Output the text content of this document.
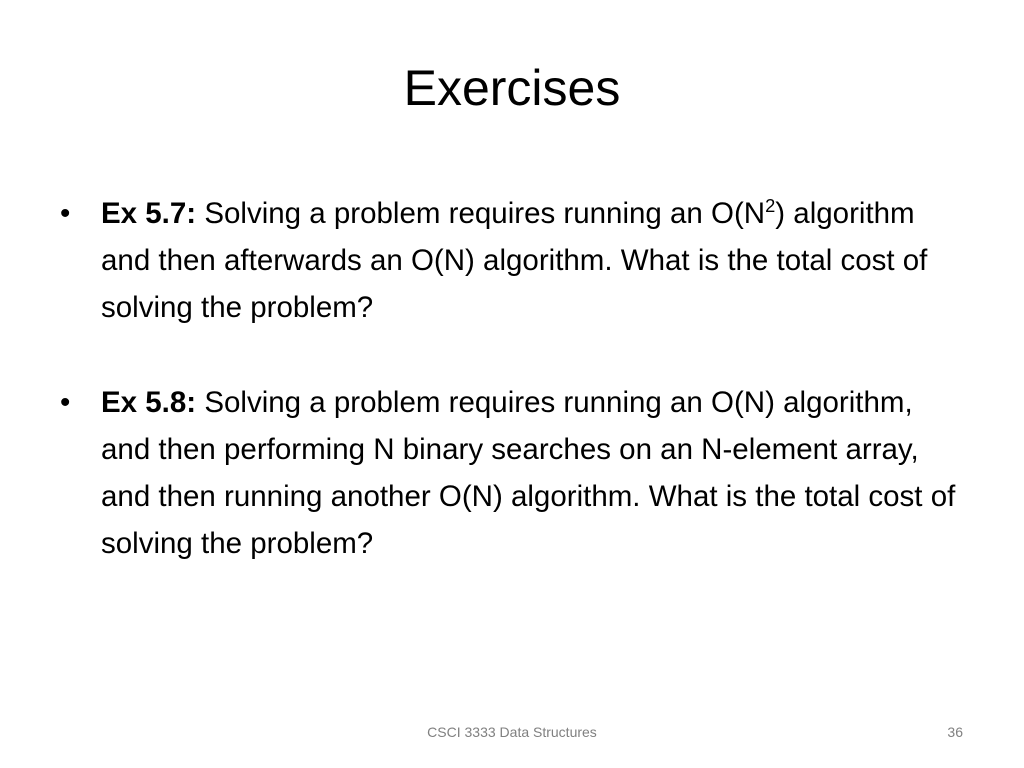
Exercises
• Ex 5.7: Solving a problem requires running an $O(N^2)$ algorithm and then afterwards an O(N) algorithm. What is the total cost of solving the problem?
• Ex 5.8: Solving a problem requires running an O(N) algorithm, and then performing N binary searches on an N-element array, and then running another O(N) algorithm. What is the total cost of solving the problem?
CSCI 3333 Data Structures	36
